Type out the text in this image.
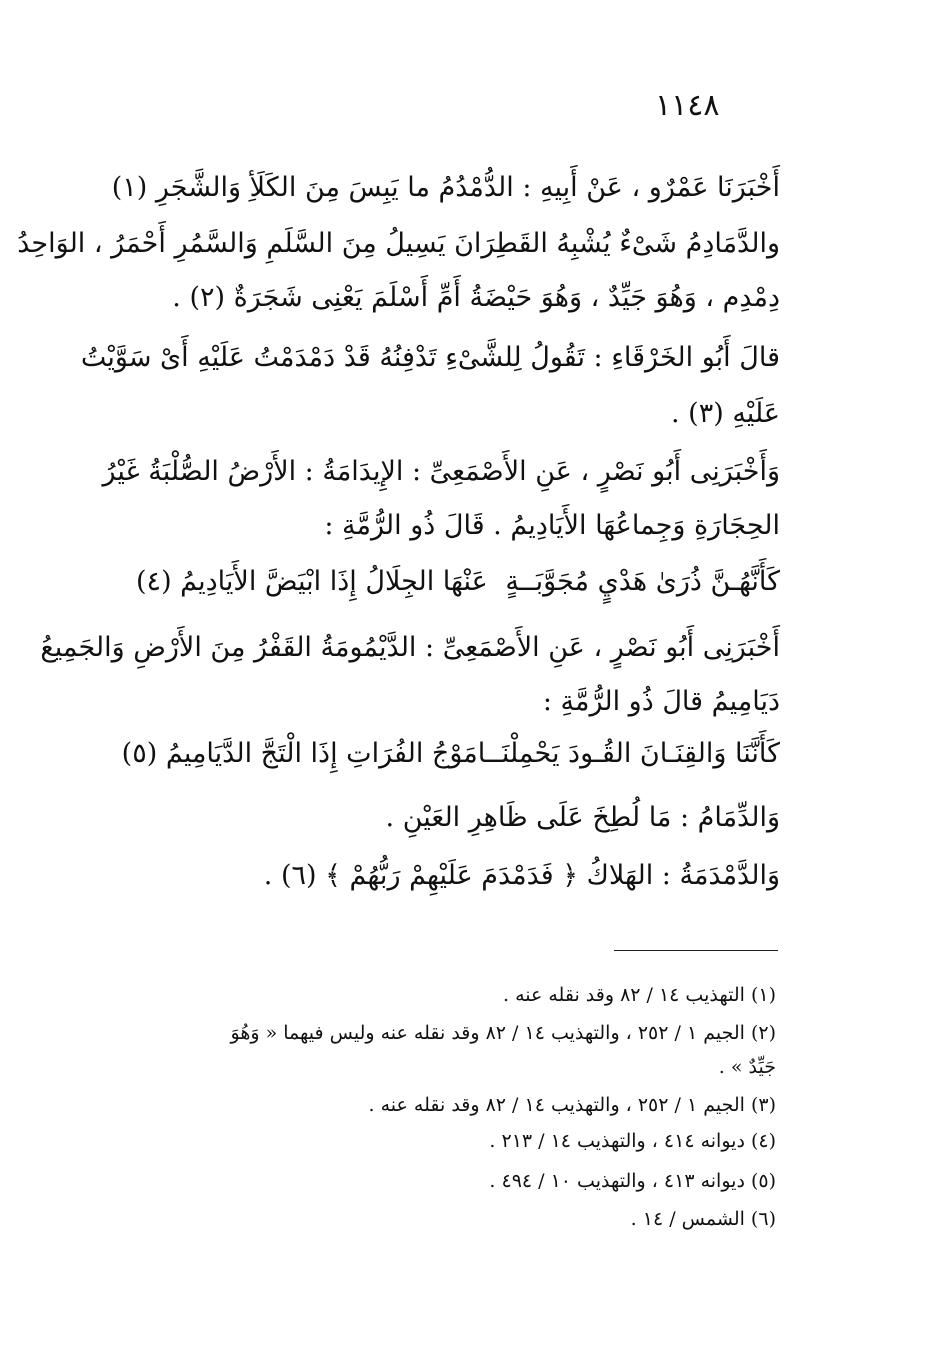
١١٤٨
أَخْبَرَنَا عَمْرٌو ، عَنْ أَبِيهِ : الدُّمْدُمُ ما يَبِسَ مِنَ الكَلَأِ وَالشَّجَرِ (١)
والدَّمَادِمُ شَىْءٌ يُشْبِهُ القَطِرَانَ يَسِيلُ مِنَ السَّلَمِ وَالسَّمُرِ أَحْمَرُ ، الوَاحِدُ
دِمْدِم ، وَهُوَ جَيِّدٌ ، وَهُوَ حَيْضَةُ أَمِّ أَسْلَمَ يَعْنِى شَجَرَةٌ (٢) .
قالَ أَبُو الخَرْقَاءِ : تَقُولُ لِلشَّىْءِ تَدْفِنُهُ قَدْ دَمْدَمْتُ عَلَيْهِ أَىْ سَوَّيْتُ
عَلَيْهِ (٣) .
وَأَخْبَرَنِى أَبُو نَصْرٍ ، عَنِ الأَصْمَعِىِّ : الإِيدَامَةُ : الأَرْضُ الصُّلْبَةُ غَيْرُ
الحِجَارَةِ وَجِماعُهَا الأَيَادِيمُ . قَالَ ذُو الرُّمَّةِ :
كَأَنَّهُـنَّ ذُرَىٰ هَدْيٍ مُجَوَّبَــةٍ
عَنْهَا الجِلَالُ إِذَا ابْيَضَّ الأَيَادِيمُ (٤)
أَخْبَرَنِى أَبُو نَصْرٍ ، عَنِ الأَصْمَعِىِّ : الدَّيْمُومَةُ القَفْرُ مِنَ الأَرْضِ وَالجَمِيعُ
دَيَامِيمُ قالَ ذُو الرُّمَّةِ :
كَأَنَّنَا وَالقِنَـانَ القُـودَ يَحْمِلْنَــا
مَوْجُ الفُرَاتِ إِذَا الْتَجَّ الدَّيَامِيمُ (٥)
وَالدِّمَامُ : مَا لُطِخَ عَلَى ظَاهِرِ العَيْنِ .
وَالدَّمْدَمَةُ : الهَلاكُ ﴿ فَدَمْدَمَ عَلَيْهِمْ رَبُّهُمْ ﴾ (٦) .
(١) التهذيب ١٤ / ٨٢ وقد نقله عنه .
(٢) الجيم ١ / ٢٥٢ ، والتهذيب ١٤ / ٨٢ وقد نقله عنه وليس فيهما « وَهُوَ
جَيِّدٌ » .
(٣) الجيم ١ / ٢٥٢ ، والتهذيب ١٤ / ٨٢ وقد نقله عنه .
(٤) ديوانه ٤١٤ ، والتهذيب ١٤ / ٢١٣ .
(٥) ديوانه ٤١٣ ، والتهذيب ١٠ / ٤٩٤ .
(٦) الشمس / ١٤ .
